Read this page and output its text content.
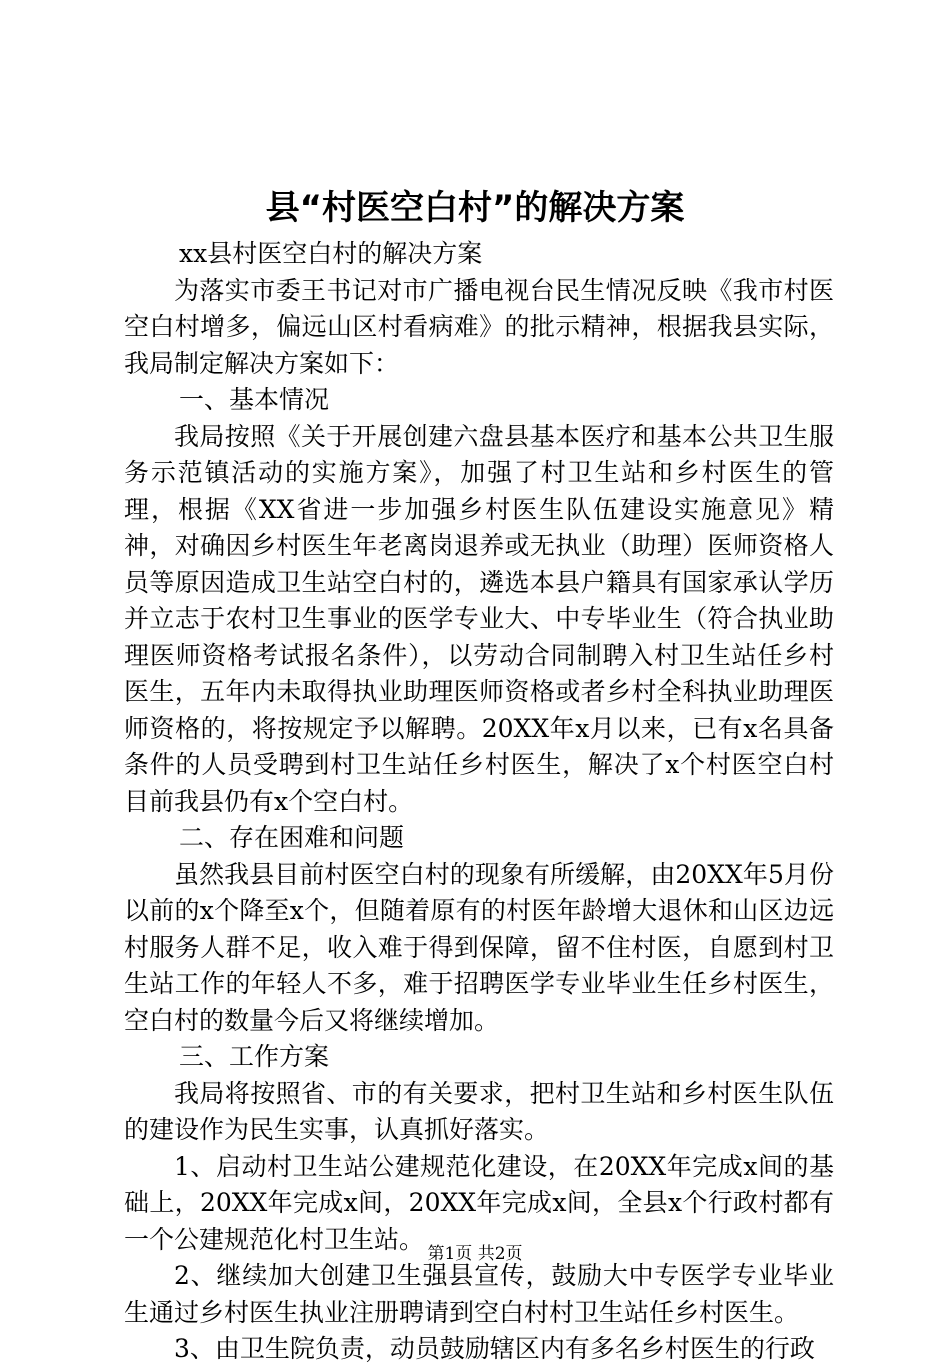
县“村医空白村”的解决方案

xx县村医空白村的解决方案

为落实市委王书记对市广播电视台民生情况反映《我市村医空白村增多，偏远山区村看病难》的批示精神，根据我县实际，我局制定解决方案如下：

一、基本情况

我局按照《关于开展创建六盘县基本医疗和基本公共卫生服务示范镇活动的实施方案》，加强了村卫生站和乡村医生的管理，根据《XX省进一步加强乡村医生队伍建设实施意见》精神，对确因乡村医生年老离岗退养或无执业（助理）医师资格人员等原因造成卫生站空白村的，遴选本县户籍具有国家承认学历并立志于农村卫生事业的医学专业大、中专毕业生（符合执业助理医师资格考试报名条件），以劳动合同制聘入村卫生站任乡村医生，五年内未取得执业助理医师资格或者乡村全科执业助理医师资格的，将按规定予以解聘。20XX年x月以来，已有x名具备条件的人员受聘到村卫生站任乡村医生，解决了x个村医空白村目前我县仍有x个空白村。

二、存在困难和问题

虽然我县目前村医空白村的现象有所缓解，由20XX年5月份以前的x个降至x个，但随着原有的村医年龄增大退休和山区边远村服务人群不足，收入难于得到保障，留不住村医，自愿到村卫生站工作的年轻人不多，难于招聘医学专业毕业生任乡村医生，空白村的数量今后又将继续增加。

三、工作方案

我局将按照省、市的有关要求，把村卫生站和乡村医生队伍的建设作为民生实事，认真抓好落实。

1、启动村卫生站公建规范化建设，在20XX年完成x间的基础上，20XX年完成x间，20XX年完成x间，全县x个行政村都有一个公建规范化村卫生站。

2、继续加大创建卫生强县宣传，鼓励大中专医学专业毕业生通过乡村医生执业注册聘请到空白村村卫生站任乡村医生。

3、由卫生院负责，动员鼓励辖区内有多名乡村医生的行政

第1页 共2页
